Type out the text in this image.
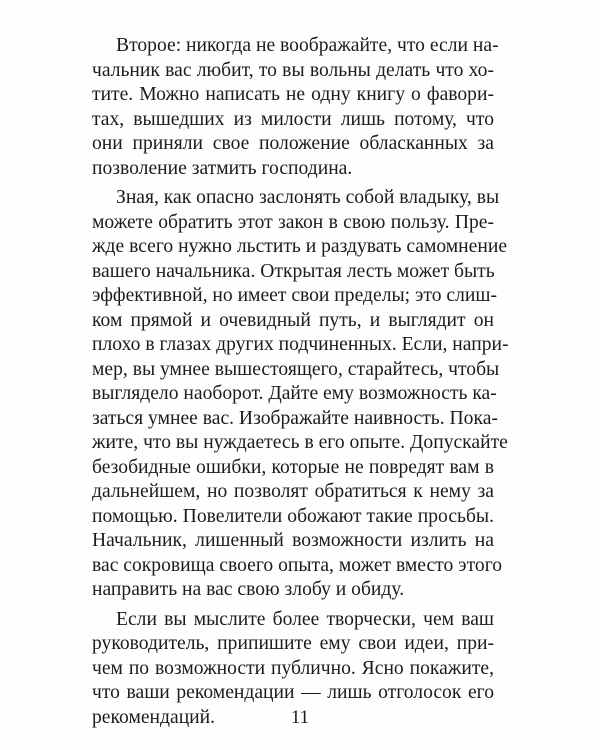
Второе: никогда не воображайте, что если на-
чальник вас любит, то вы вольны делать что хо-
тите. Можно написать не одну книгу о фавори-
тах, вышедших из милости лишь потому, что
они приняли свое положение обласканных за
позволение затмить господина.

Зная, как опасно заслонять собой владыку, вы
можете обратить этот закон в свою пользу. Пре-
жде всего нужно льстить и раздувать самомнение
вашего начальника. Открытая лесть может быть
эффективной, но имеет свои пределы; это слиш-
ком прямой и очевидный путь, и выглядит он
плохо в глазах других подчиненных. Если, напри-
мер, вы умнее вышестоящего, старайтесь, чтобы
выглядело наоборот. Дайте ему возможность ка-
заться умнее вас. Изображайте наивность. Пока-
жите, что вы нуждаетесь в его опыте. Допускайте
безобидные ошибки, которые не повредят вам в
дальнейшем, но позволят обратиться к нему за
помощью. Повелители обожают такие просьбы.
Начальник, лишенный возможности излить на
вас сокровища своего опыта, может вместо этого
направить на вас свою злобу и обиду.

Если вы мыслите более творчески, чем ваш
руководитель, припишите ему свои идеи, при-
чем по возможности публично. Ясно покажите,
что ваши рекомендации — лишь отголосок его
рекомендаций.	11
